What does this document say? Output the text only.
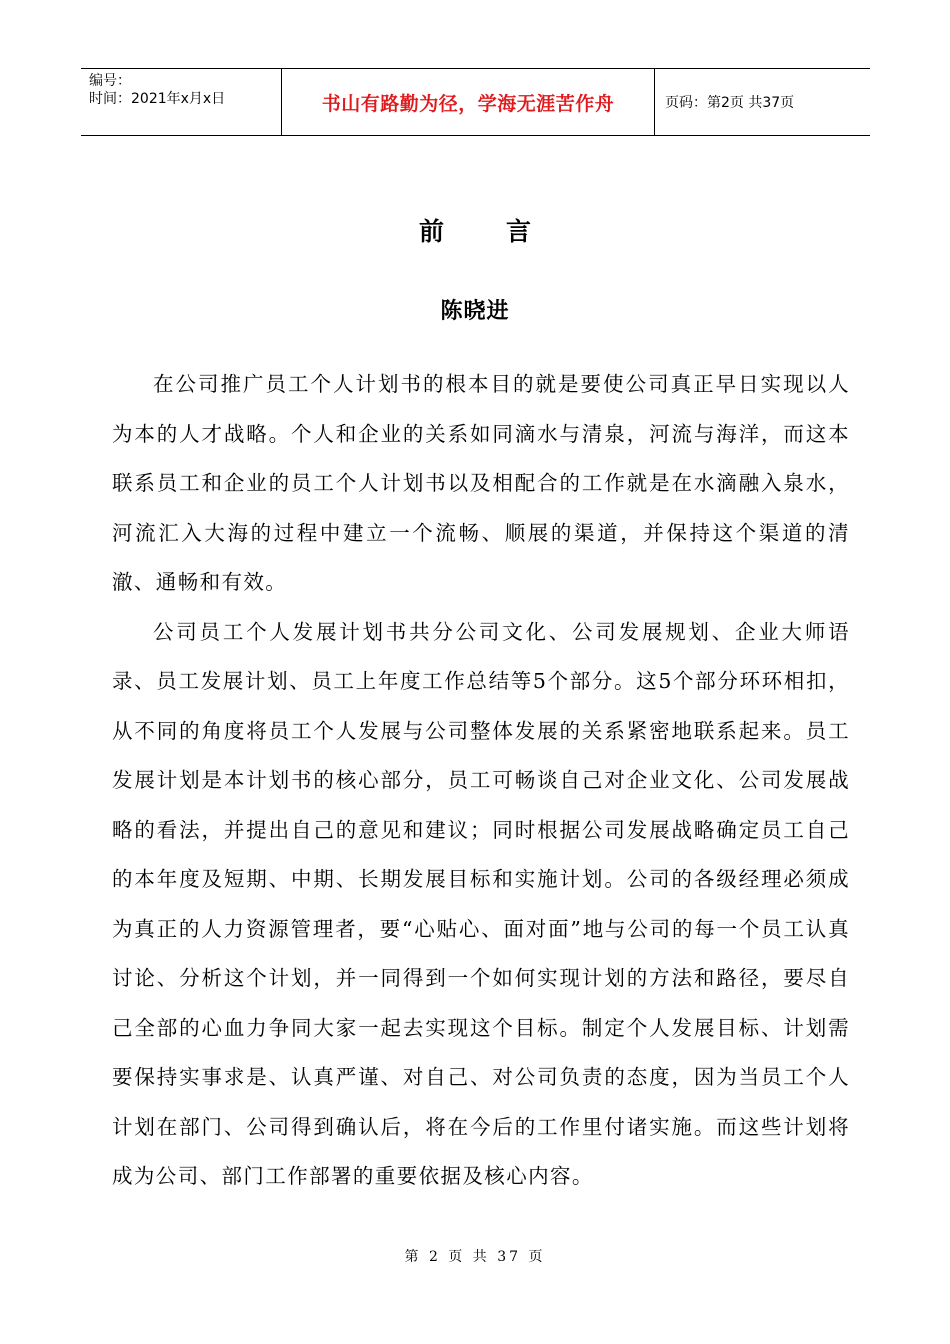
编号：
时间：2021年x月x日	书山有路勤为径，学海无涯苦作舟	页码：第2页 共37页
前言
陈晓进

在公司推广员工个人计划书的根本目的就是要使公司真正早日实现以人为本的人才战略。个人和企业的关系如同滴水与清泉，河流与海洋，而这本联系员工和企业的员工个人计划书以及相配合的工作就是在水滴融入泉水，河流汇入大海的过程中建立一个流畅、顺展的渠道，并保持这个渠道的清澈、通畅和有效。

公司员工个人发展计划书共分公司文化、公司发展规划、企业大师语录、员工发展计划、员工上年度工作总结等5个部分。这5个部分环环相扣，从不同的角度将员工个人发展与公司整体发展的关系紧密地联系起来。员工发展计划是本计划书的核心部分，员工可畅谈自己对企业文化、公司发展战略的看法，并提出自己的意见和建议；同时根据公司发展战略确定员工自己的本年度及短期、中期、长期发展目标和实施计划。公司的各级经理必须成为真正的人力资源管理者，要“心贴心、面对面”地与公司的每一个员工认真讨论、分析这个计划，并一同得到一个如何实现计划的方法和路径，要尽自己全部的心血力争同大家一起去实现这个目标。制定个人发展目标、计划需要保持实事求是、认真严谨、对自己、对公司负责的态度，因为当员工个人计划在部门、公司得到确认后，将在今后的工作里付诸实施。而这些计划将成为公司、部门工作部署的重要依据及核心内容。

第 2 页 共 37 页
